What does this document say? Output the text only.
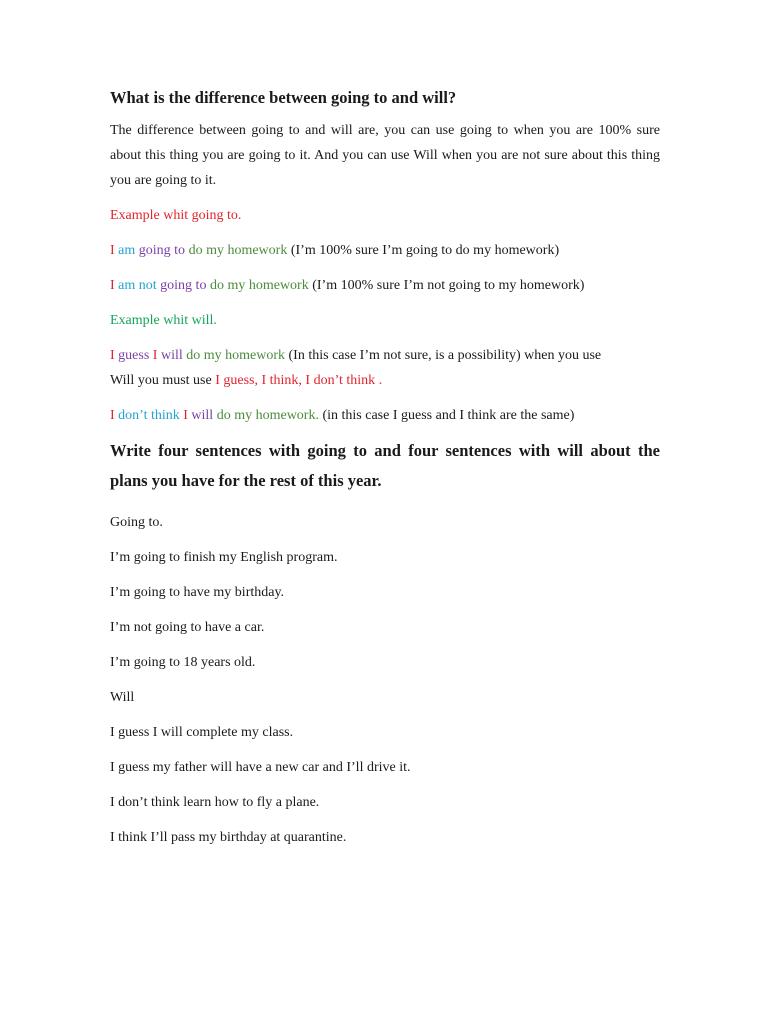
What is the difference between going to and will?

The difference between going to and will are, you can use going to when you are 100% sure about this thing you are going to it. And you can use Will when you are not sure about this thing you are going to it.

Example whit going to.

I am going to do my homework (I’m 100% sure I’m going to do my homework)

I am not going to do my homework (I’m 100% sure I’m not going to my homework)

Example whit will.

I guess I will do my homework (In this case I’m not sure, is a possibility) when you use
Will you must use I guess, I think, I don’t think .

I don’t think I will do my homework. (in this case I guess and I think are the same)

Write four sentences with going to and four sentences with will about the plans you have for the rest of this year.

Going to.

I’m going to finish my English program.

I’m going to have my birthday.

I’m not going to have a car.

I’m going to 18 years old.

Will

I guess I will complete my class.

I guess my father will have a new car and I’ll drive it.

I don’t think learn how to fly a plane.

I think I’ll pass my birthday at quarantine.
